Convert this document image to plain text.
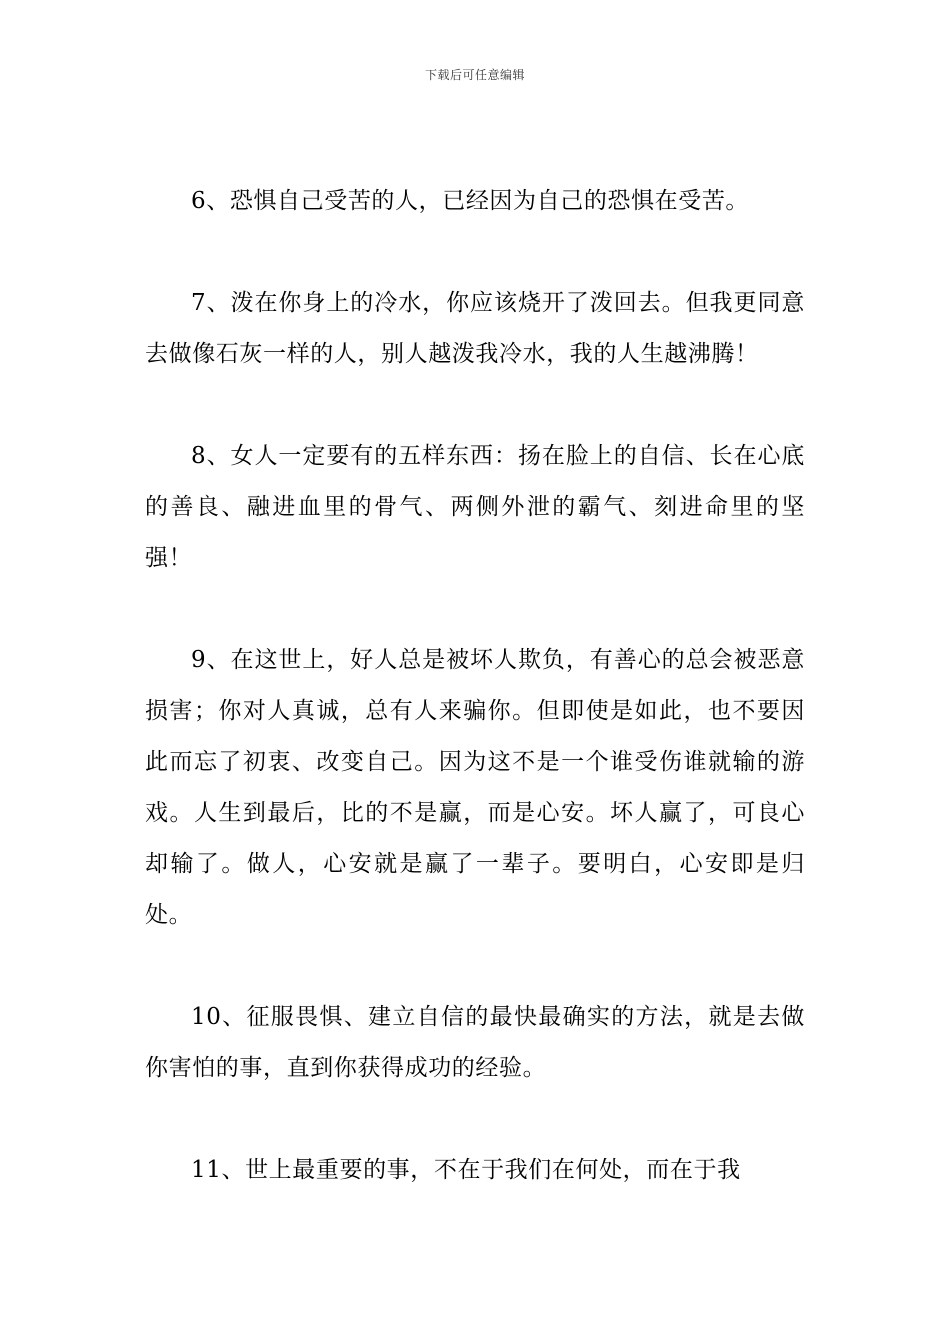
下载后可任意编辑

6、恐惧自己受苦的人，已经因为自己的恐惧在受苦。

7、泼在你身上的冷水，你应该烧开了泼回去。但我更同意去做像石灰一样的人，别人越泼我冷水，我的人生越沸腾！

8、女人一定要有的五样东西：扬在脸上的自信、长在心底的善良、融进血里的骨气、两侧外泄的霸气、刻进命里的坚强！

9、在这世上，好人总是被坏人欺负，有善心的总会被恶意损害；你对人真诚，总有人来骗你。但即使是如此，也不要因此而忘了初衷、改变自己。因为这不是一个谁受伤谁就输的游戏。人生到最后，比的不是赢，而是心安。坏人赢了，可良心却输了。做人，心安就是赢了一辈子。要明白，心安即是归处。

10、征服畏惧、建立自信的最快最确实的方法，就是去做你害怕的事，直到你获得成功的经验。

11、世上最重要的事，不在于我们在何处，而在于我
